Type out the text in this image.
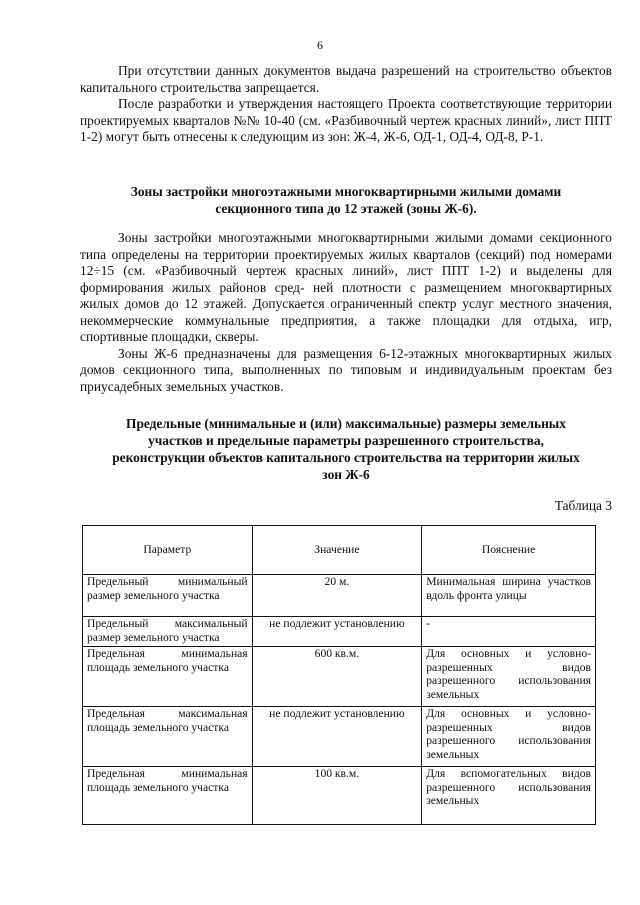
6

При отсутствии данных документов выдача разрешений на строительство объектов капитального строительства запрещается.

После разработки и утверждения настоящего Проекта соответствующие территории проектируемых кварталов №№ 10-40 (см. «Разбивочный чертеж красных линий», лист ППТ 1-2) могут быть отнесены к следующим из зон: Ж-4, Ж-6, ОД-1, ОД-4, ОД-8, Р-1.

Зоны застройки многоэтажными многоквартирными жилыми домами
секционного типа до 12 этажей (зоны Ж-6).

Зоны застройки многоэтажными многоквартирными жилыми домами секционного типа определены на территории проектируемых жилых кварталов (секций) под номерами 12÷15 (см. «Разбивочный чертеж красных линий», лист ППТ 1-2) и выделены для формирования жилых районов сред- ней плотности с размещением многоквартирных жилых домов до 12 этажей. Допускается ограниченный спектр услуг местного значения, некоммерческие коммунальные предприятия, а также площадки для отдыха, игр, спортивные площадки, скверы.

Зоны Ж-6 предназначены для размещения 6-12-этажных многоквартирных жилых домов секционного типа, выполненных по типовым и индивидуальным проектам без приусадебных земельных участков.

Предельные (минимальные и (или) максимальные) размеры земельных
участков и предельные параметры разрешенного строительства,
реконструкции объектов капитального строительства на территории жилых
зон Ж-6
Таблица 3
Параметр	Значение	Пояснение

Предельный минимальный размер земельного участка	20 м.	Минимальная ширина участков вдоль фронта улицы

Предельный максимальный размер земельного участка	не подлежит установлению	-

Предельная минимальная площадь земельного участка	600 кв.м.	Для основных и условно-разрешенных видов разрешенного использования земельных

Предельная максимальная площадь земельного участка	не подлежит установлению	Для основных и условно-разрешенных видов разрешенного использования земельных

Предельная минимальная площадь земельного участка	100 кв.м.	Для вспомогательных видов разрешенного использования земельных
